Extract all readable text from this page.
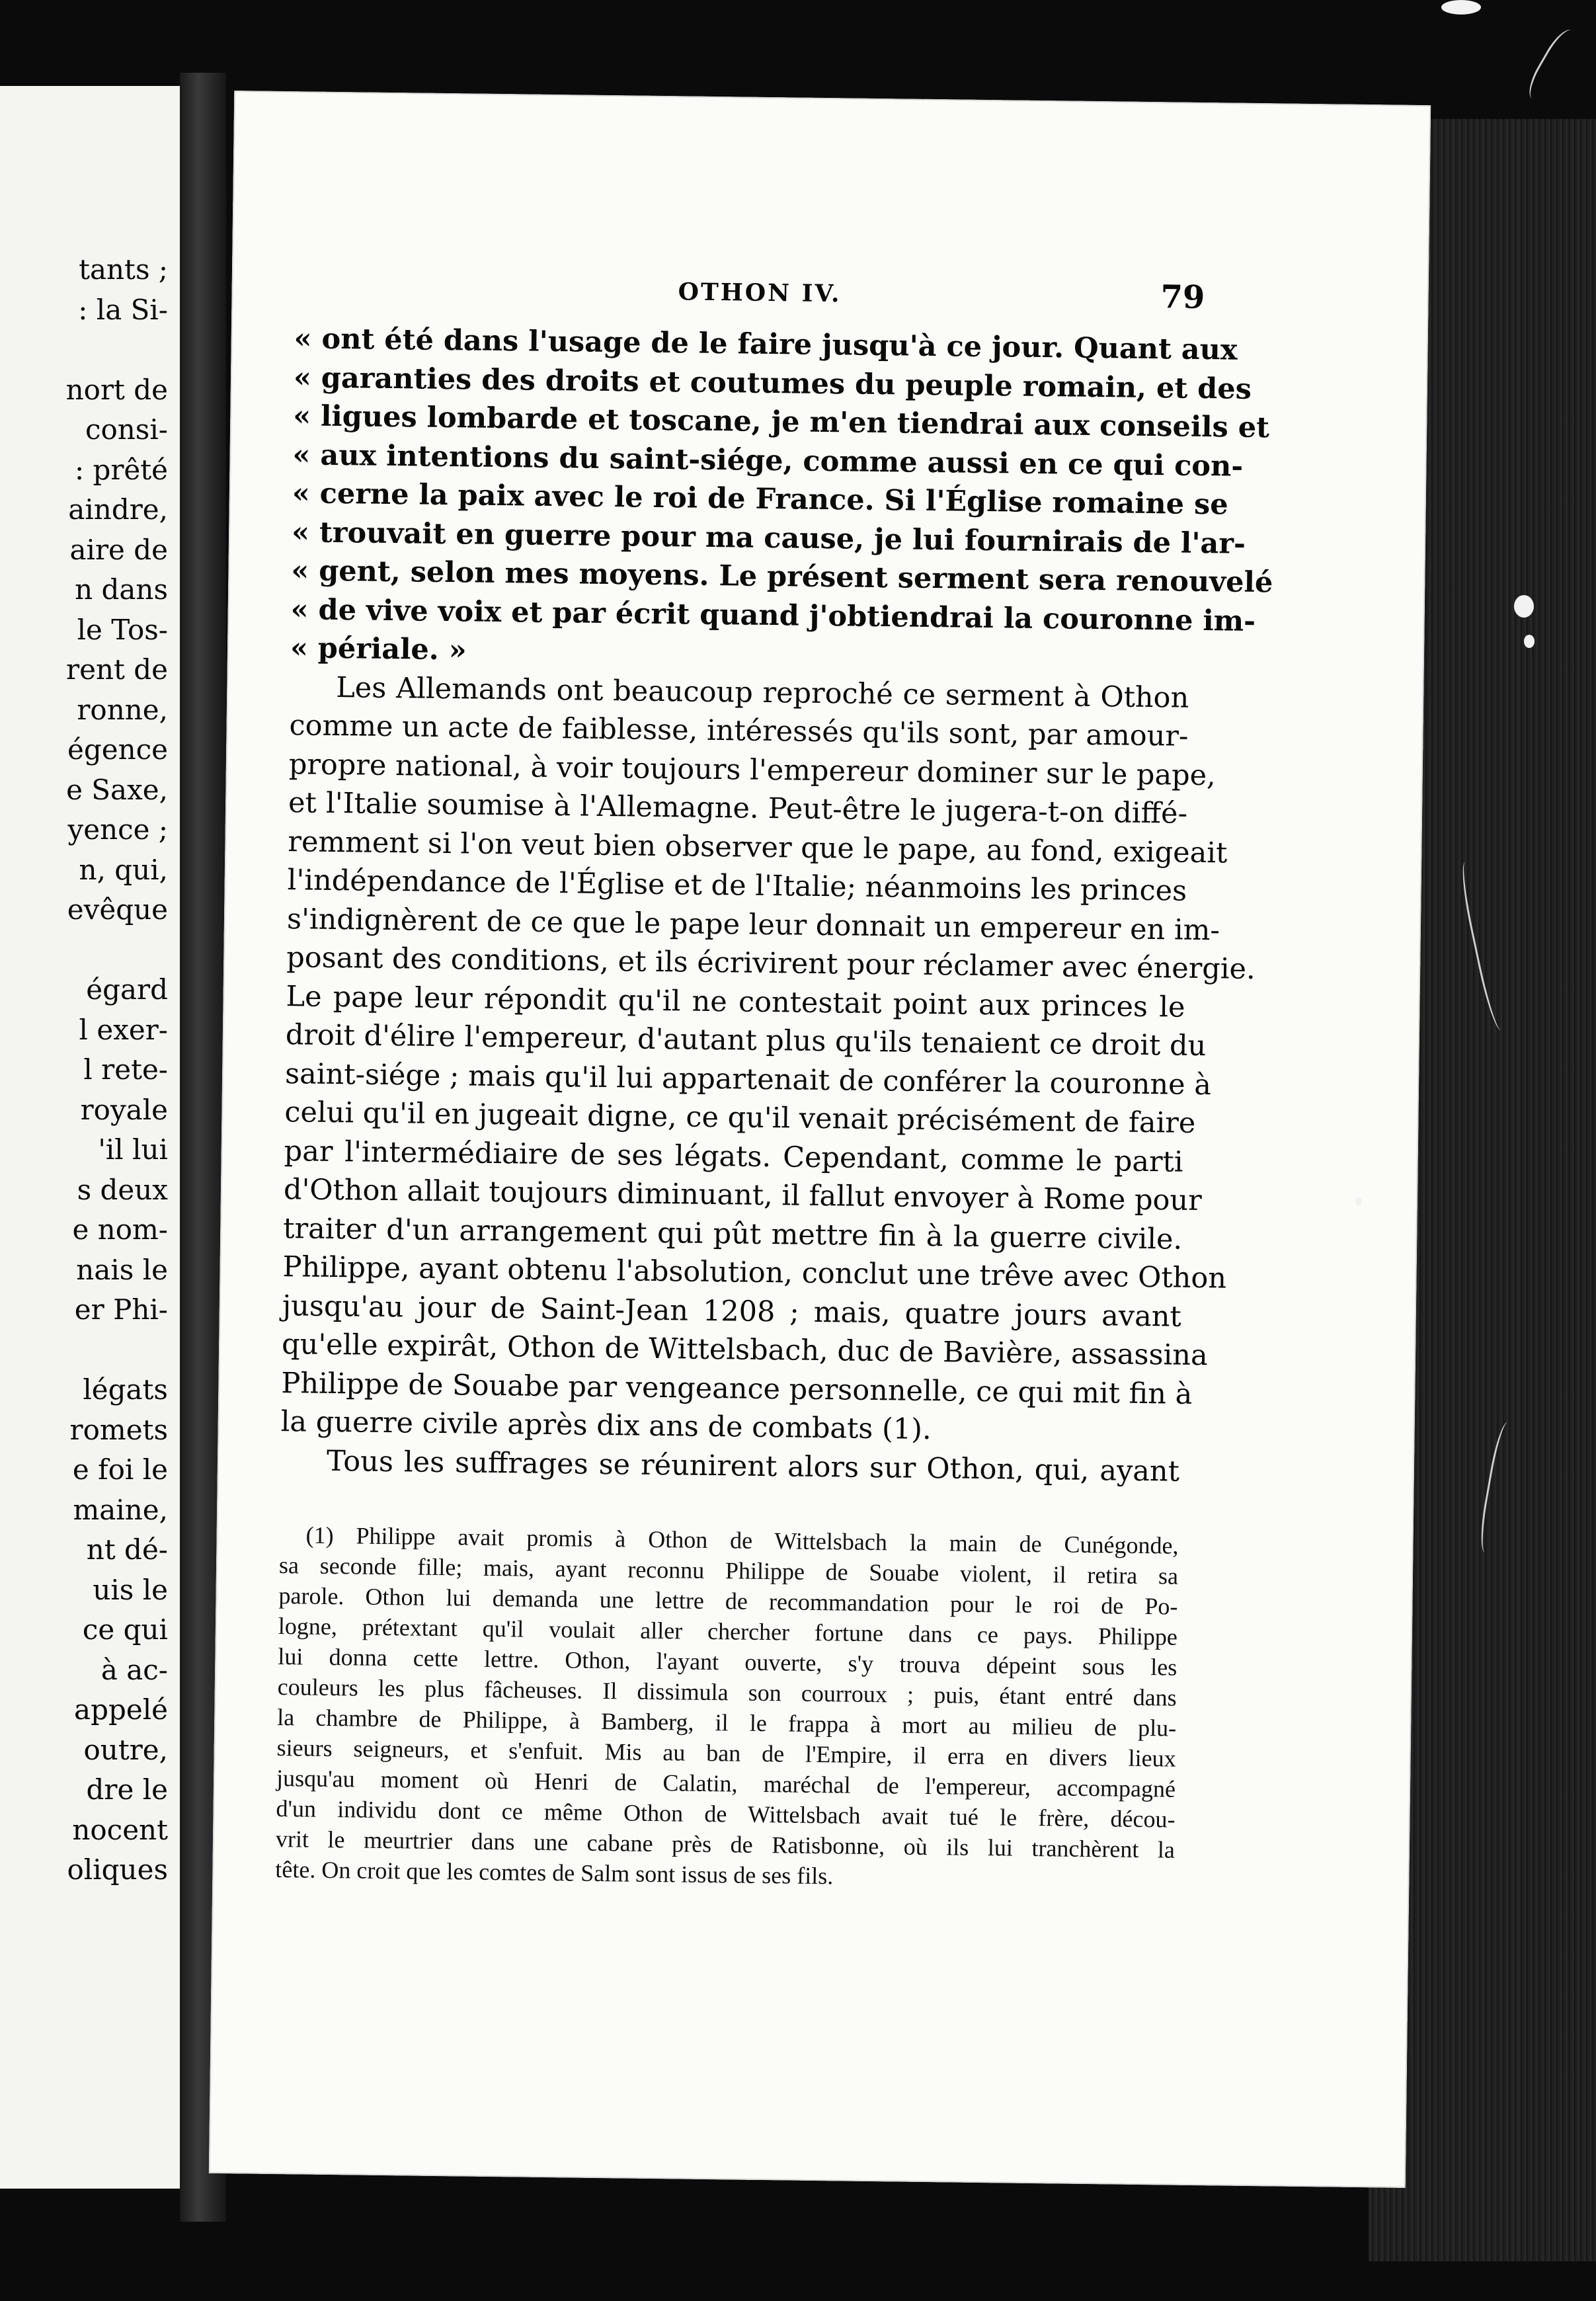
tants ;
: la Si-
nort de
consi-
: prêté
aindre,
aire de
n dans
le Tos-
rent de
ronne,
égence
e Saxe,
yence ;
n, qui,
evêque
égard
l exer-
l rete-
royale
'il lui
s deux
e nom-
nais le
er Phi-
légats
romets
e foi le
maine,
nt dé-
uis le
ce qui
à ac-
appelé
outre,
dre le
nocent
oliques
OTHON IV.	79
« ont été dans l'usage de le faire jusqu'à ce jour. Quant aux
« garanties des droits et coutumes du peuple romain, et des
« ligues lombarde et toscane, je m'en tiendrai aux conseils et
« aux intentions du saint-siége, comme aussi en ce qui con-
« cerne la paix avec le roi de France. Si l'Église romaine se
« trouvait en guerre pour ma cause, je lui fournirais de l'ar-
« gent, selon mes moyens. Le présent serment sera renouvelé
« de vive voix et par écrit quand j'obtiendrai la couronne im-
« périale. »
Les Allemands ont beaucoup reproché ce serment à Othon
comme un acte de faiblesse, intéressés qu'ils sont, par amour-
propre national, à voir toujours l'empereur dominer sur le pape,
et l'Italie soumise à l'Allemagne. Peut-être le jugera-t-on diffé-
remment si l'on veut bien observer que le pape, au fond, exigeait
l'indépendance de l'Église et de l'Italie; néanmoins les princes
s'indignèrent de ce que le pape leur donnait un empereur en im-
posant des conditions, et ils écrivirent pour réclamer avec énergie.
Le pape leur répondit qu'il ne contestait point aux princes le
droit d'élire l'empereur, d'autant plus qu'ils tenaient ce droit du
saint-siége ; mais qu'il lui appartenait de conférer la couronne à
celui qu'il en jugeait digne, ce qu'il venait précisément de faire
par l'intermédiaire de ses légats. Cependant, comme le parti
d'Othon allait toujours diminuant, il fallut envoyer à Rome pour
traiter d'un arrangement qui pût mettre fin à la guerre civile.
Philippe, ayant obtenu l'absolution, conclut une trêve avec Othon
jusqu'au jour de Saint-Jean 1208 ; mais, quatre jours avant
qu'elle expirât, Othon de Wittelsbach, duc de Bavière, assassina
Philippe de Souabe par vengeance personnelle, ce qui mit fin à
la guerre civile après dix ans de combats (1).
Tous les suffrages se réunirent alors sur Othon, qui, ayant
(1) Philippe avait promis à Othon de Wittelsbach la main de Cunégonde,
sa seconde fille; mais, ayant reconnu Philippe de Souabe violent, il retira sa
parole. Othon lui demanda une lettre de recommandation pour le roi de Po-
logne, prétextant qu'il voulait aller chercher fortune dans ce pays. Philippe
lui donna cette lettre. Othon, l'ayant ouverte, s'y trouva dépeint sous les
couleurs les plus fâcheuses. Il dissimula son courroux ; puis, étant entré dans
la chambre de Philippe, à Bamberg, il le frappa à mort au milieu de plu-
sieurs seigneurs, et s'enfuit. Mis au ban de l'Empire, il erra en divers lieux
jusqu'au moment où Henri de Calatin, maréchal de l'empereur, accompagné
d'un individu dont ce même Othon de Wittelsbach avait tué le frère, décou-
vrit le meurtrier dans une cabane près de Ratisbonne, où ils lui tranchèrent la
tête. On croit que les comtes de Salm sont issus de ses fils.
